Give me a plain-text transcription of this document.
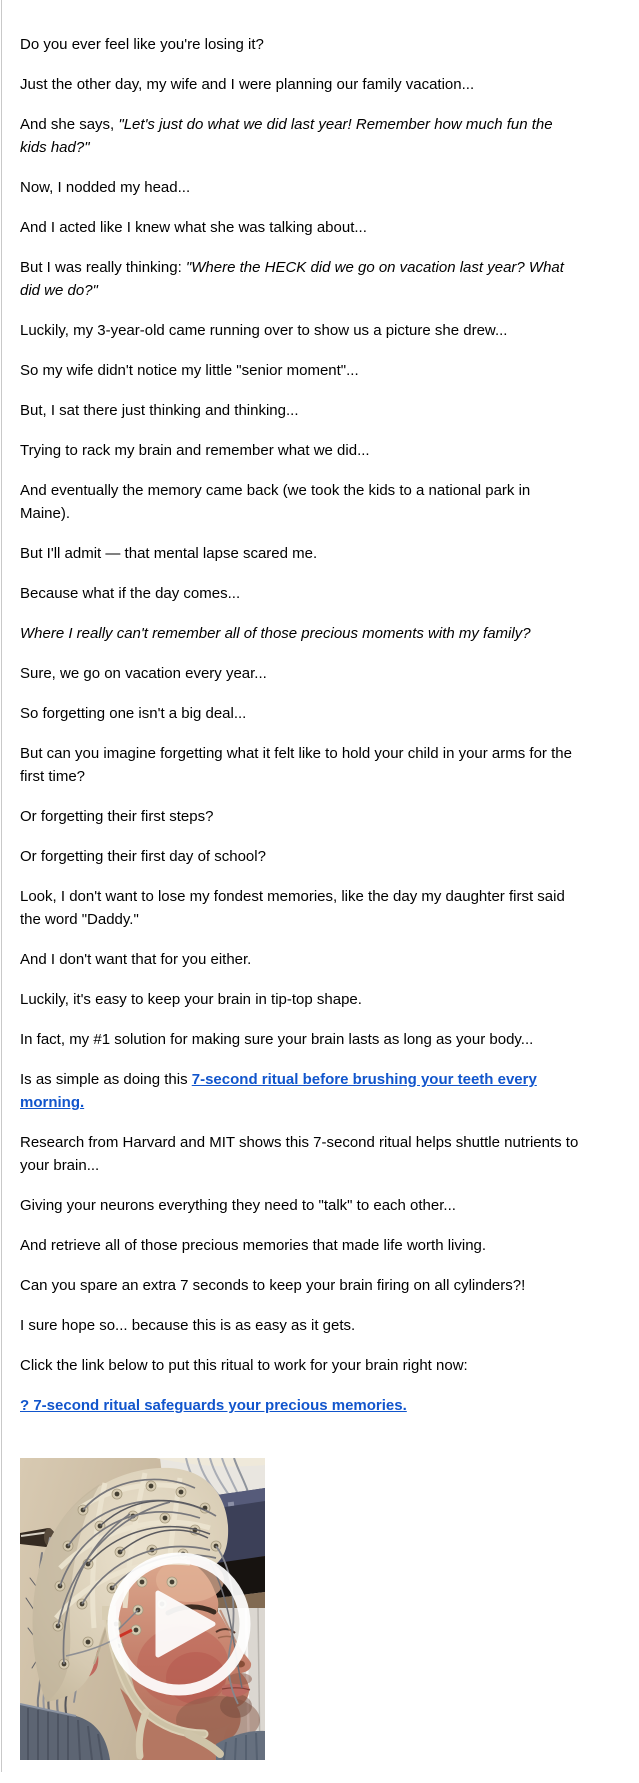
Do you ever feel like you're losing it?

Just the other day, my wife and I were planning our family vacation...

And she says, "Let's just do what we did last year! Remember how much fun the kids had?"

Now, I nodded my head...

And I acted like I knew what she was talking about...

But I was really thinking: "Where the HECK did we go on vacation last year? What did we do?"

Luckily, my 3-year-old came running over to show us a picture she drew...

So my wife didn't notice my little "senior moment"...

But, I sat there just thinking and thinking...

Trying to rack my brain and remember what we did...

And eventually the memory came back (we took the kids to a national park in Maine).

But I'll admit — that mental lapse scared me.

Because what if the day comes...

Where I really can't remember all of those precious moments with my family?

Sure, we go on vacation every year...

So forgetting one isn't a big deal...

But can you imagine forgetting what it felt like to hold your child in your arms for the first time?

Or forgetting their first steps?

Or forgetting their first day of school?

Look, I don't want to lose my fondest memories, like the day my daughter first said the word "Daddy."

And I don't want that for you either.

Luckily, it's easy to keep your brain in tip-top shape.

In fact, my #1 solution for making sure your brain lasts as long as your body...

Is as simple as doing this 7-second ritual before brushing your teeth every morning.

Research from Harvard and MIT shows this 7-second ritual helps shuttle nutrients to your brain...

Giving your neurons everything they need to "talk" to each other...

And retrieve all of those precious memories that made life worth living.

Can you spare an extra 7 seconds to keep your brain firing on all cylinders?!

I sure hope so... because this is as easy as it gets.

Click the link below to put this ritual to work for your brain right now:

? 7-second ritual safeguards your precious memories.
